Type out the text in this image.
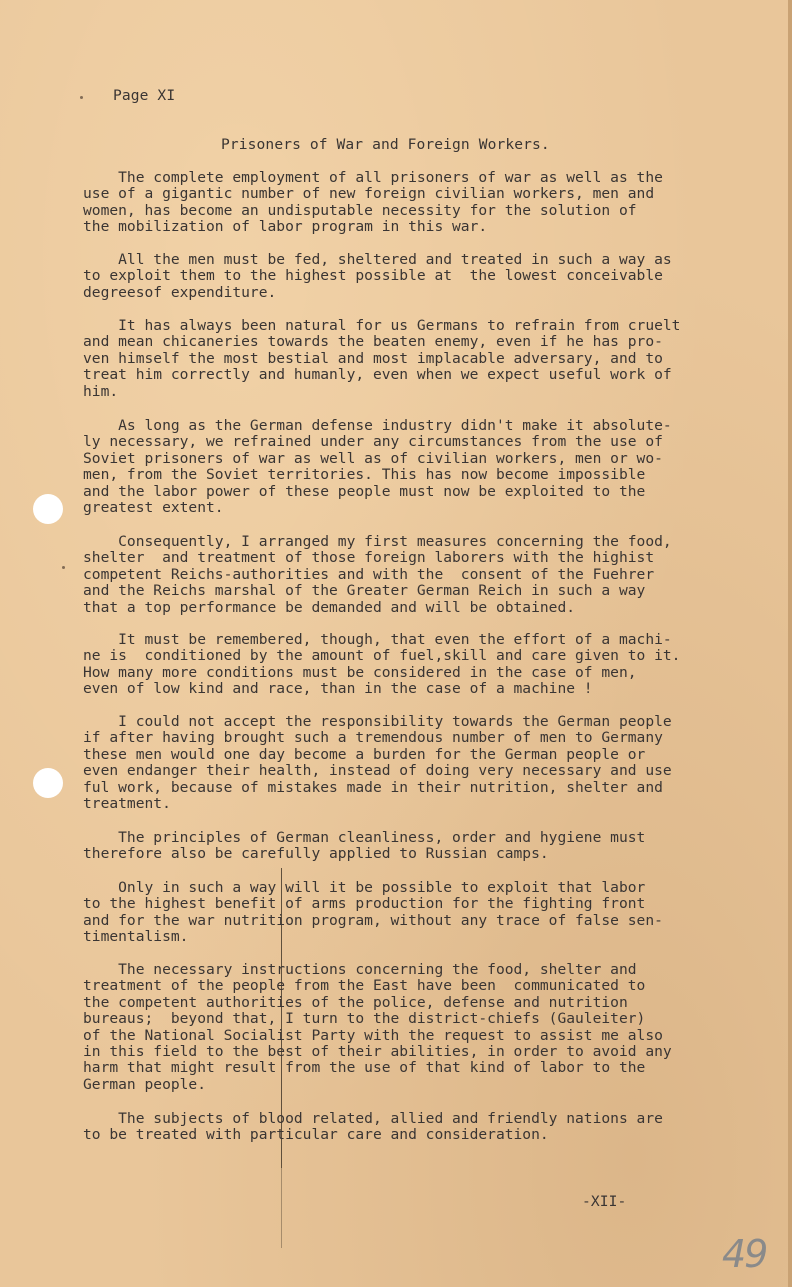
Page XI

Prisoners of War and Foreign Workers.

The complete employment of all prisoners of war as well as the
use of a gigantic number of new foreign civilian workers, men and
women, has become an undisputable necessity for the solution of
the mobilization of labor program in this war.
All the men must be fed, sheltered and treated in such a way as
to exploit them to the highest possible at  the lowest conceivable
degreesof expenditure.
It has always been natural for us Germans to refrain from cruelt
and mean chicaneries towards the beaten enemy, even if he has pro-
ven himself the most bestial and most implacable adversary, and to
treat him correctly and humanly, even when we expect useful work of
him.
As long as the German defense industry didn't make it absolute-
ly necessary, we refrained under any circumstances from the use of
Soviet prisoners of war as well as of civilian workers, men or wo-
men, from the Soviet territories. This has now become impossible
and the labor power of these people must now be exploited to the
greatest extent.
Consequently, I arranged my first measures concerning the food,
shelter  and treatment of those foreign laborers with the highist
competent Reichs-authorities and with the  consent of the Fuehrer
and the Reichs marshal of the Greater German Reich in such a way
that a top performance be demanded and will be obtained.
It must be remembered, though, that even the effort of a machi-
ne is  conditioned by the amount of fuel,skill and care given to it.
How many more conditions must be considered in the case of men,
even of low kind and race, than in the case of a machine !
I could not accept the responsibility towards the German people
if after having brought such a tremendous number of men to Germany
these men would one day become a burden for the German people or
even endanger their health, instead of doing very necessary and use
ful work, because of mistakes made in their nutrition, shelter and
treatment.
The principles of German cleanliness, order and hygiene must
therefore also be carefully applied to Russian camps.
Only in such a way will it be possible to exploit that labor
to the highest benefit of arms production for the fighting front
and for the war nutrition program, without any trace of false sen-
timentalism.
The necessary instructions concerning the food, shelter and
treatment of the people from the East have been  communicated to
the competent authorities of the police, defense and nutrition
bureaus;  beyond that, I turn to the district-chiefs (Gauleiter)
of the National Socialist Party with the request to assist me also
in this field to the best of their abilities, in order to avoid any
harm that might result from the use of that kind of labor to the
German people.
The subjects of blood related, allied and friendly nations are
to be treated with particular care and consideration.

-XII-

49
